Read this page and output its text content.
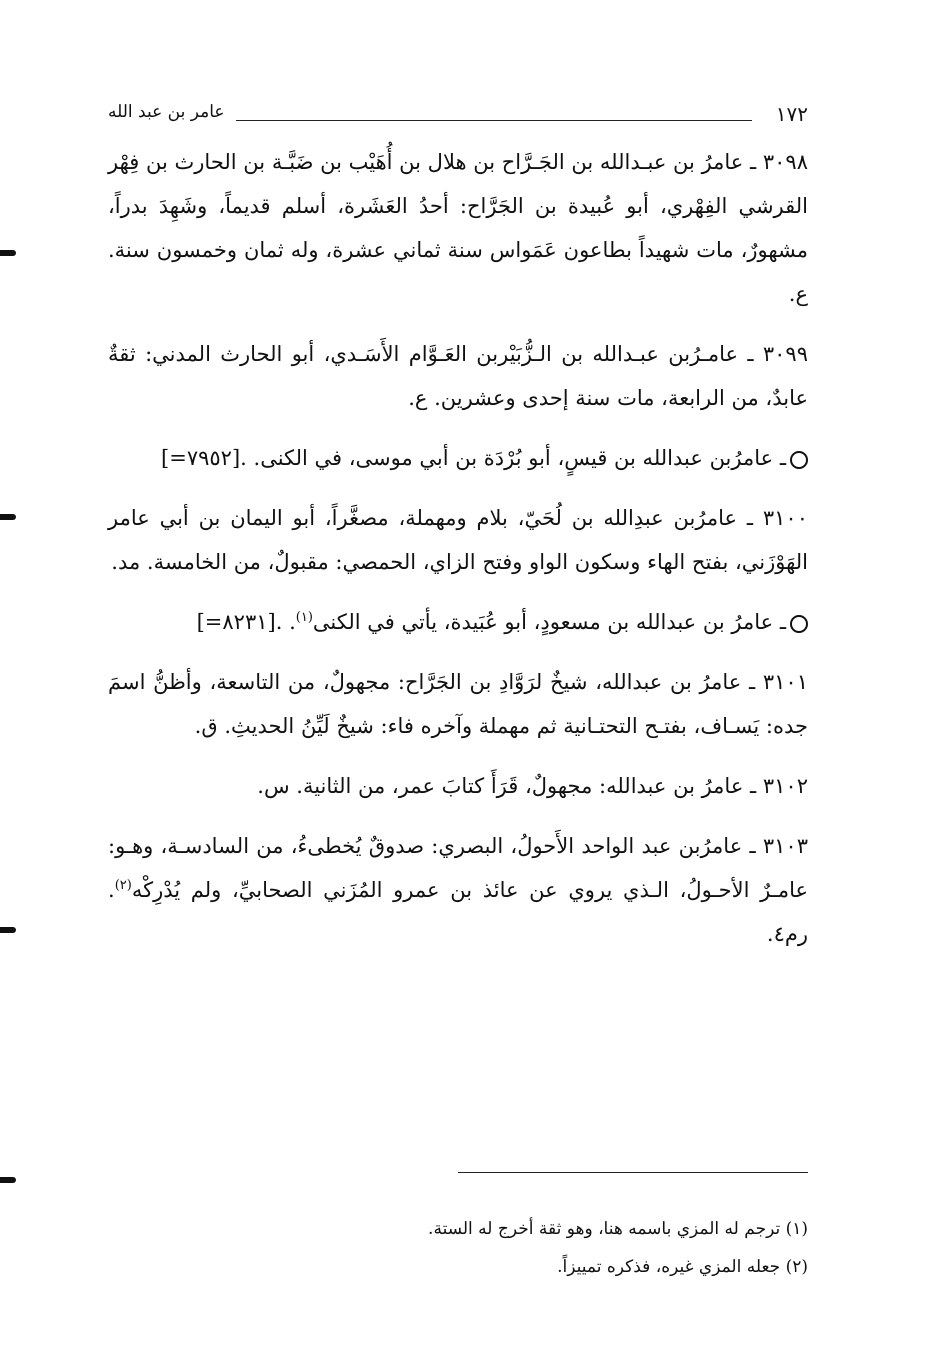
١٧٢
عامر بن عبد الله

٣٠٩٨ ـ عامرُ بن عبـدالله بن الجَـرَّاح بن هلال بن أُهَيْب بن ضَبَّـة بن الحارث بن فِهْر القرشي الفِهْري، أبو عُبيدة بن الجَرَّاح: أحدُ العَشَرة، أسلم قديماً، وشَهِدَ بدراً، مشهورٌ، مات شهيداً بطاعون عَمَواس سنة ثماني عشرة، وله ثمان وخمسون سنة. ع.

٣٠٩٩ ـ عامـرُبن عبـدالله بن الـزُّبَيْربن العَـوَّام الأَسَـدي، أبو الحارث المدني: ثقةٌ عابدٌ، من الرابعة، مات سنة إحدى وعشرين. ع.

ـ عامرُبن عبدالله بن قيسٍ، أبو بُرْدَة بن أبي موسى، في الكنى. [=٧٩٥٢].

٣١٠٠ ـ عامرُبن عبدِالله بن لُحَيّ، بلام ومهملة، مصغَّراً، أبو اليمان بن أبي عامر الهَوْزَني، بفتح الهاء وسكون الواو وفتح الزاي، الحمصي: مقبولٌ، من الخامسة. مد.

ـ عامرُ بن عبدالله بن مسعودٍ، أبو عُبَيدة، يأتي في الكنى$^{(١)}$. [=٨٢٣١].

٣١٠١ ـ عامرُ بن عبدالله، شيخٌ لرَوَّادِ بن الجَرَّاح: مجهولٌ، من التاسعة، وأظنُّ اسمَ جده: يَسـاف، بفتـح التحتـانية ثم مهملة وآخره فاء: شيخٌ لَيِّنُ الحديثِ. ق.

٣١٠٢ ـ عامرُ بن عبدالله: مجهولٌ، قَرَأَ كتابَ عمر، من الثانية. س.

٣١٠٣ ـ عامرُبن عبد الواحد الأَحولُ، البصري: صدوقٌ يُخطىءُ، من السادسـة، وهـو: عامـرٌ الأحـولُ، الـذي يروي عن عائذ بن عمرو المُزَني الصحابيِّ، ولم يُدْرِكْه$^{(٢)}$. رم٤.

(١) ترجم له المزي باسمه هنا، وهو ثقة أخرج له الستة.

(٢) جعله المزي غيره، فذكره تمييزاً.
